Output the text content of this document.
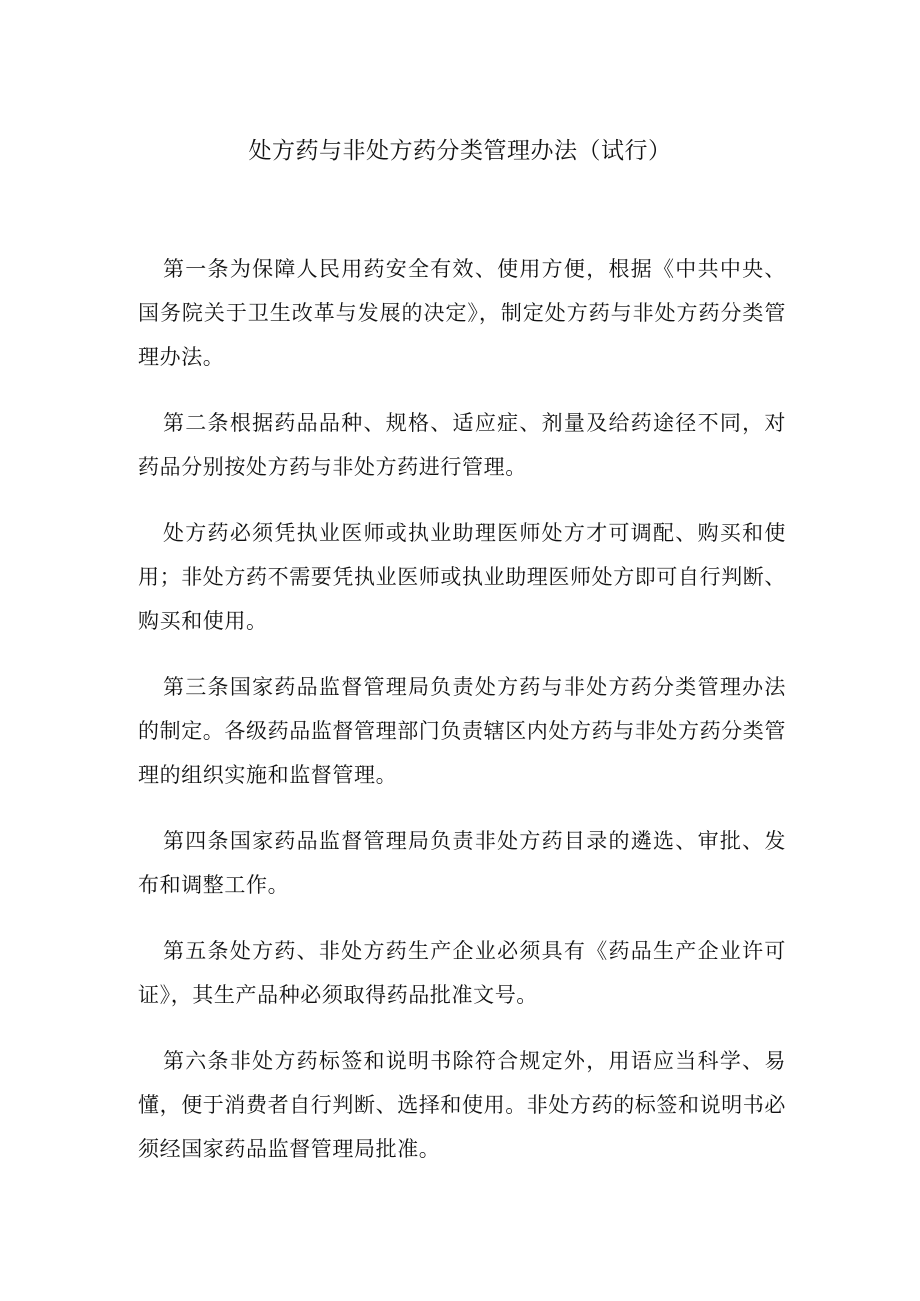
处方药与非处方药分类管理办法（试行）

第一条为保障人民用药安全有效、使用方便，根据《中共中央、国务院关于卫生改革与发展的决定》，制定处方药与非处方药分类管理办法。

第二条根据药品品种、规格、适应症、剂量及给药途径不同，对药品分别按处方药与非处方药进行管理。

处方药必须凭执业医师或执业助理医师处方才可调配、购买和使用；非处方药不需要凭执业医师或执业助理医师处方即可自行判断、购买和使用。

第三条国家药品监督管理局负责处方药与非处方药分类管理办法的制定。各级药品监督管理部门负责辖区内处方药与非处方药分类管理的组织实施和监督管理。

第四条国家药品监督管理局负责非处方药目录的遴选、审批、发布和调整工作。

第五条处方药、非处方药生产企业必须具有《药品生产企业许可证》，其生产品种必须取得药品批准文号。

第六条非处方药标签和说明书除符合规定外，用语应当科学、易懂，便于消费者自行判断、选择和使用。非处方药的标签和说明书必须经国家药品监督管理局批准。
